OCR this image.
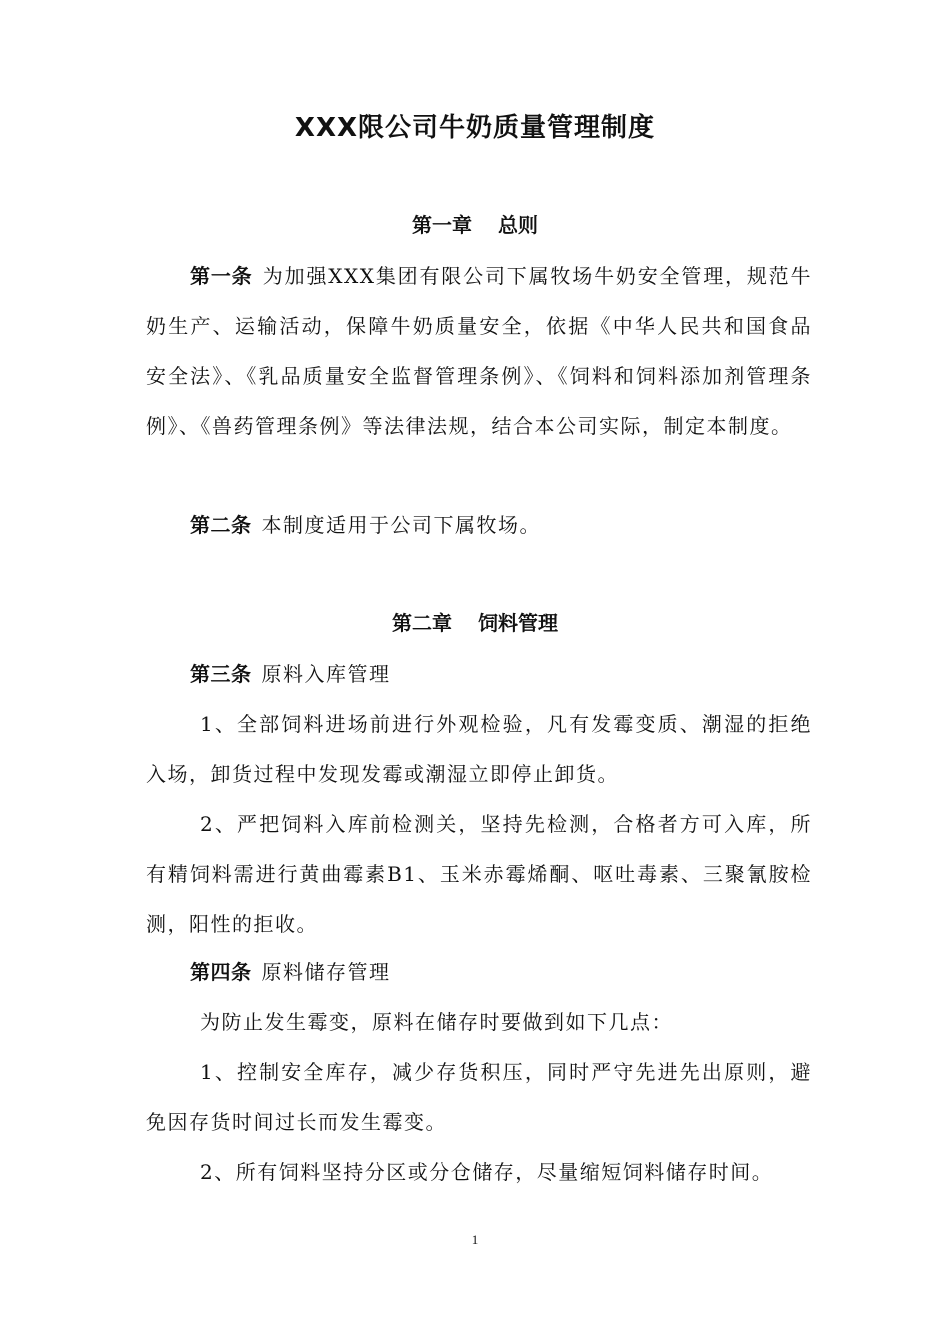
XXX限公司牛奶质量管理制度
第一章 总则
第一条 为加强XXX集团有限公司下属牧场牛奶安全管理，规范牛奶生产、运输活动，保障牛奶质量安全，依据《中华人民共和国食品安全法》、《乳品质量安全监督管理条例》、《饲料和饲料添加剂管理条例》、《兽药管理条例》等法律法规，结合本公司实际，制定本制度。
第二条 本制度适用于公司下属牧场。
第二章 饲料管理
第三条 原料入库管理
1、全部饲料进场前进行外观检验，凡有发霉变质、潮湿的拒绝入场，卸货过程中发现发霉或潮湿立即停止卸货。
2、严把饲料入库前检测关，坚持先检测，合格者方可入库，所有精饲料需进行黄曲霉素B1、玉米赤霉烯酮、呕吐毒素、三聚氰胺检测，阳性的拒收。
第四条 原料储存管理
为防止发生霉变，原料在储存时要做到如下几点：
1、控制安全库存，减少存货积压，同时严守先进先出原则，避免因存货时间过长而发生霉变。
2、所有饲料坚持分区或分仓储存，尽量缩短饲料储存时间。
1
